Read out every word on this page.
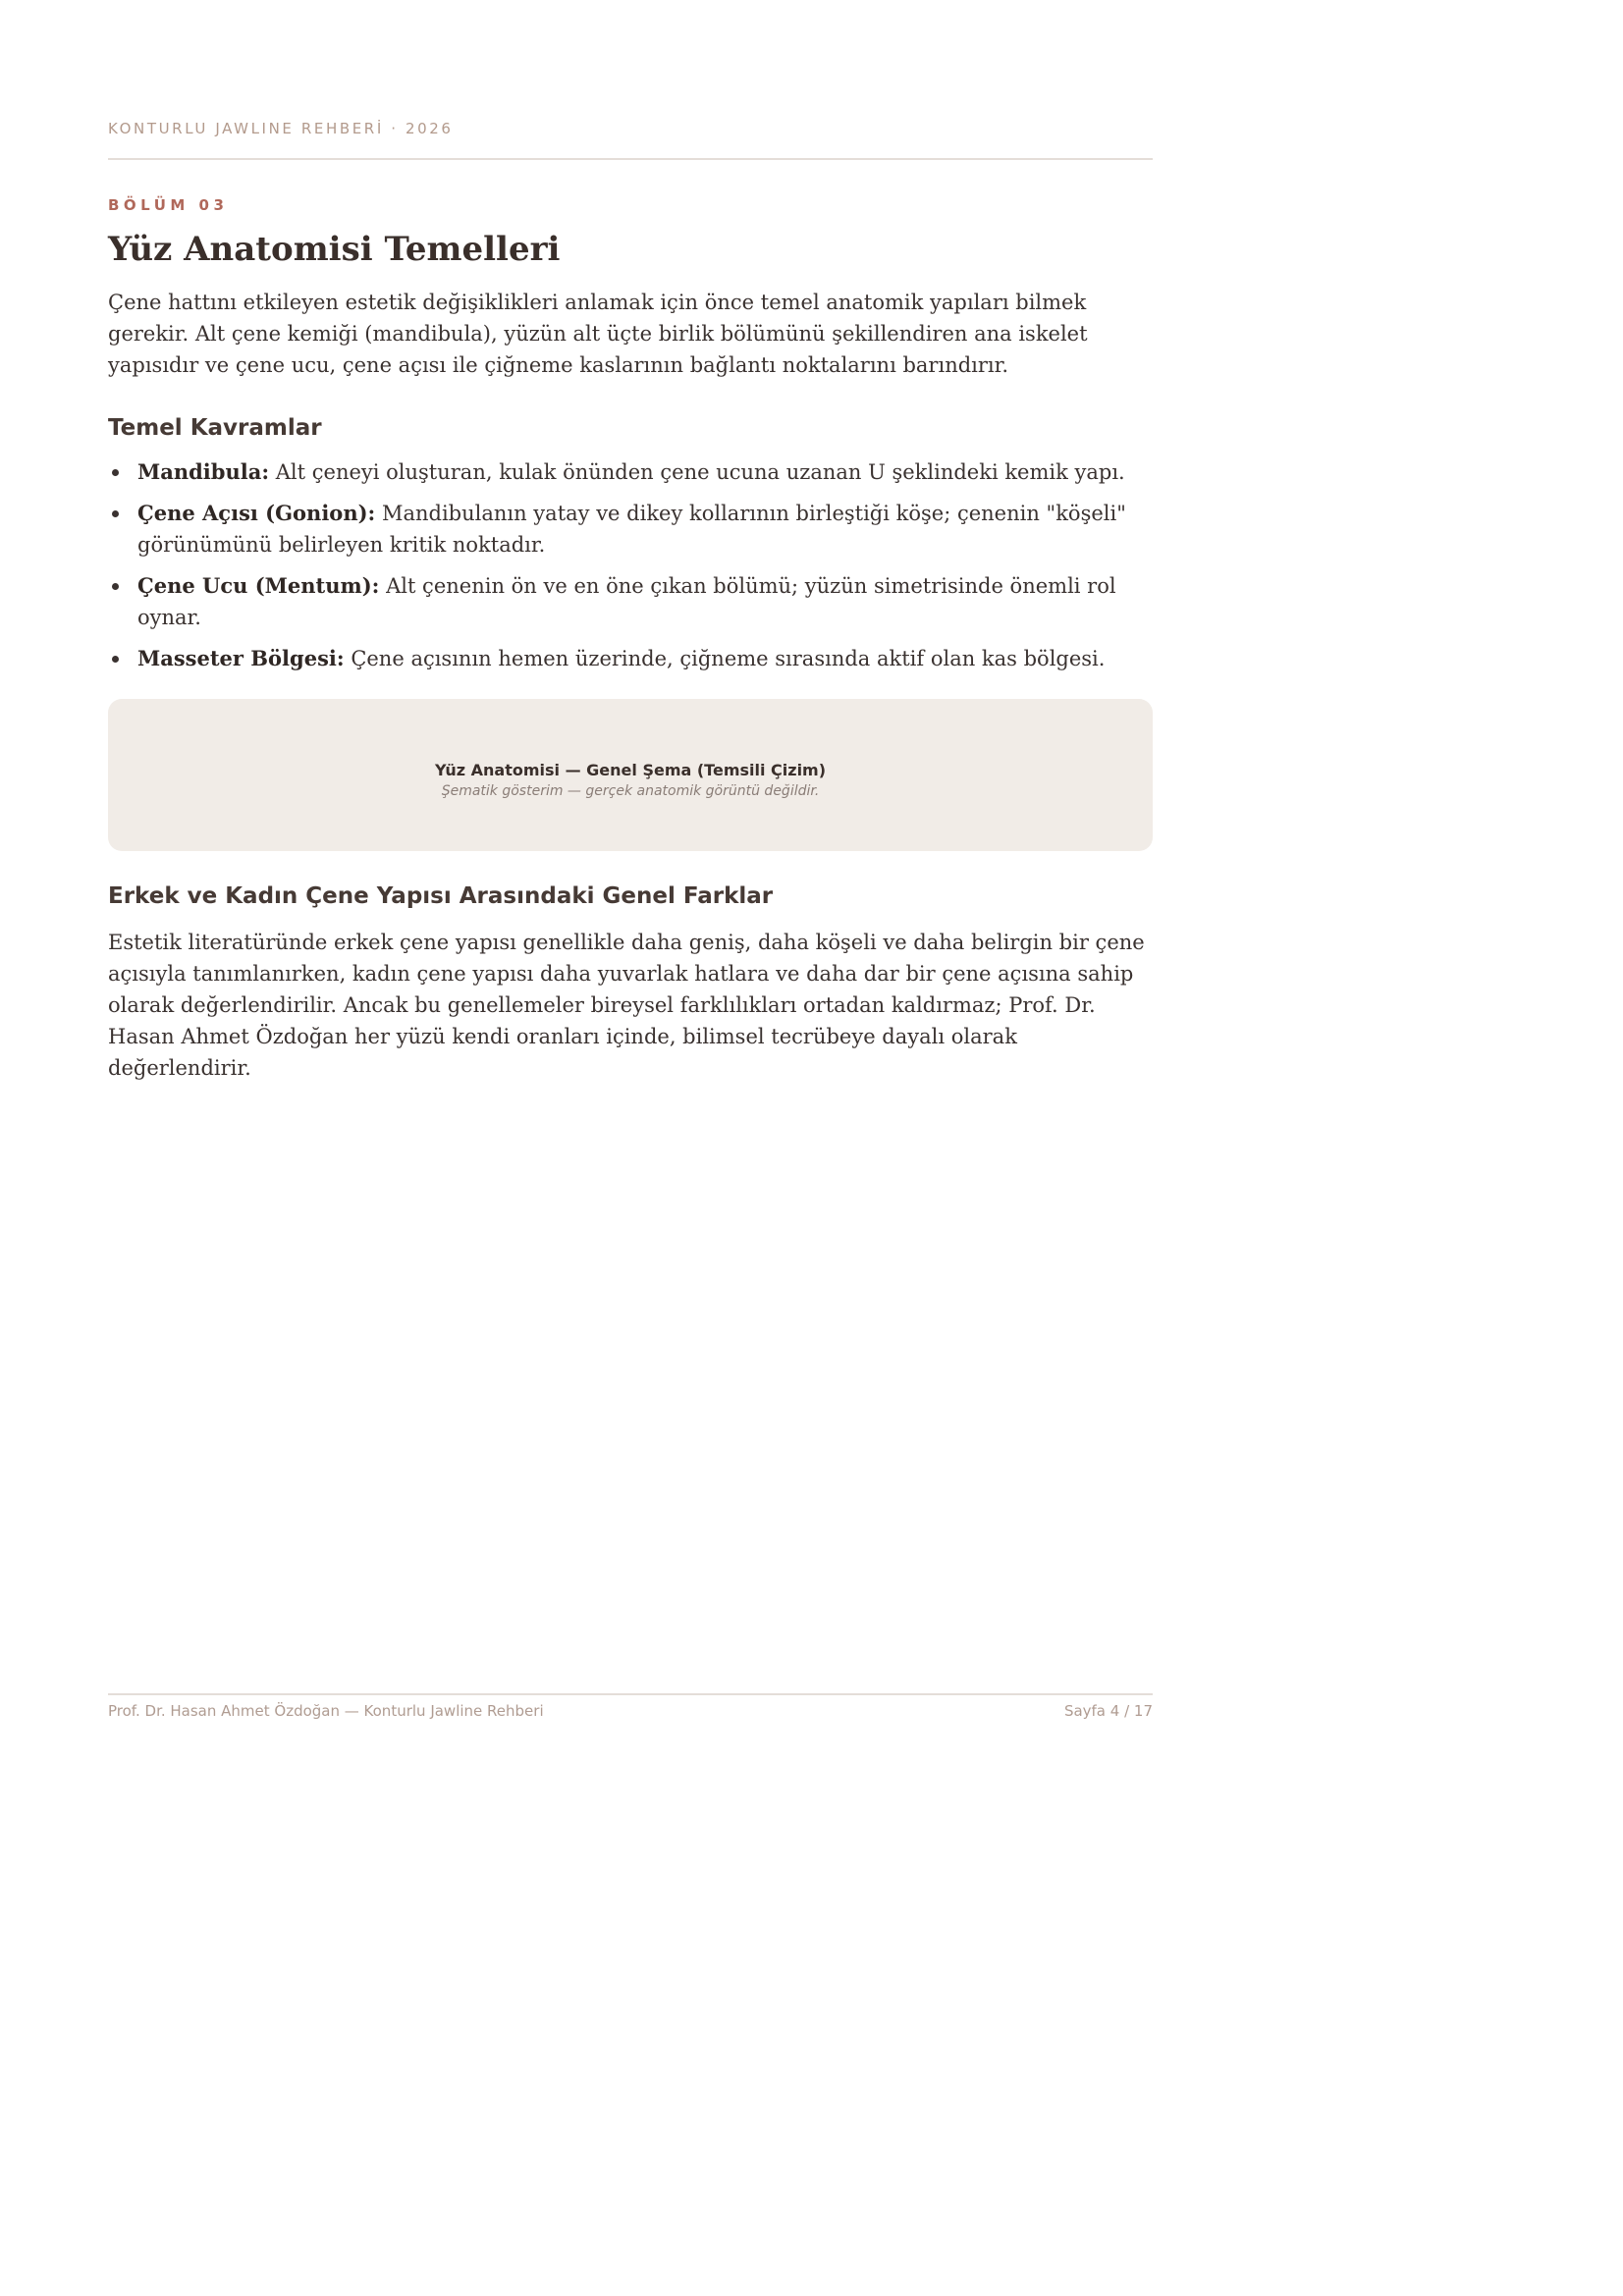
KONTURLU JAWLINE REHBERİ · 2026
BÖLÜM 03
Yüz Anatomisi Temelleri

Çene hattını etkileyen estetik değişiklikleri anlamak için önce temel anatomik yapıları bilmek gerekir. Alt çene kemiği (mandibula), yüzün alt üçte birlik bölümünü şekillendiren ana iskelet yapısıdır ve çene ucu, çene açısı ile çiğneme kaslarının bağlantı noktalarını barındırır.

Temel Kavramlar
Mandibula: Alt çeneyi oluşturan, kulak önünden çene ucuna uzanan U şeklindeki kemik yapı.
Çene Açısı (Gonion): Mandibulanın yatay ve dikey kollarının birleştiği köşe; çenenin "köşeli" görünümünü belirleyen kritik noktadır.
Çene Ucu (Mentum): Alt çenenin ön ve en öne çıkan bölümü; yüzün simetrisinde önemli rol oynar.
Masseter Bölgesi: Çene açısının hemen üzerinde, çiğneme sırasında aktif olan kas bölgesi.
Yüz Anatomisi — Genel Şema (Temsili Çizim)
Şematik gösterim — gerçek anatomik görüntü değildir.
Erkek ve Kadın Çene Yapısı Arasındaki Genel Farklar

Estetik literatüründe erkek çene yapısı genellikle daha geniş, daha köşeli ve daha belirgin bir çene açısıyla tanımlanırken, kadın çene yapısı daha yuvarlak hatlara ve daha dar bir çene açısına sahip olarak değerlendirilir. Ancak bu genellemeler bireysel farklılıkları ortadan kaldırmaz; Prof. Dr. Hasan Ahmet Özdoğan her yüzü kendi oranları içinde, bilimsel tecrübeye dayalı olarak değerlendirir.

Prof. Dr. Hasan Ahmet Özdoğan — Konturlu Jawline Rehberi	Sayfa 4 / 17
